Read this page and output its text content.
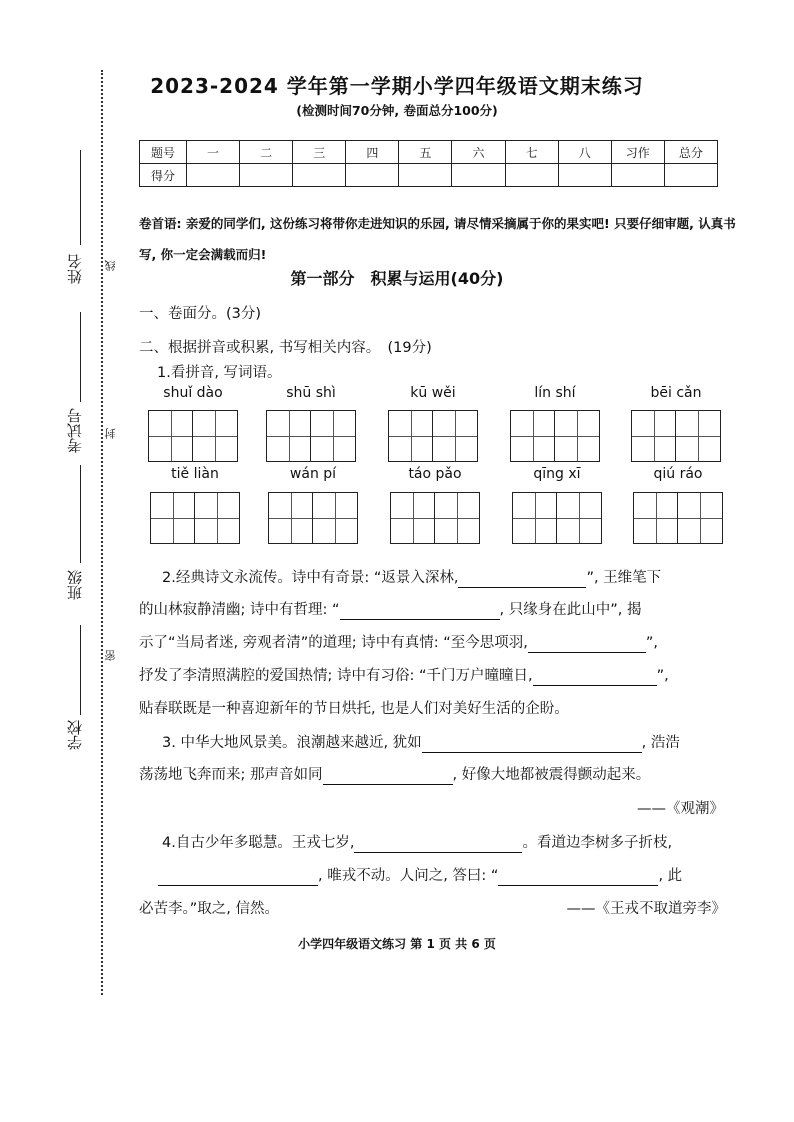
姓名
考试号
班级
学校
线
封
密
2023-2024 学年第一学期小学四年级语文期末练习
(检测时间70分钟, 卷面总分100分)
题号	一	二	三	四	五	六	七	八	习作	总分
得分										
卷首语: 亲爱的同学们, 这份练习将带你走进知识的乐园, 请尽情采摘属于你的果实吧! 只要仔细审题, 认真书写, 你一定会满载而归!
第一部分　积累与运用(40分)
一、卷面分。(3分)
二、根据拼音或积累, 书写相关内容。　(19分)
1.看拼音, 写词语。
shuǐ dào	shū shì	kū wěi	lín shí	bēi cǎn
tiě liàn	wán pí	táo pǎo	qīng xī	qiú ráo
2.经典诗文永流传。诗中有奇景: “返景入深林,	”, 王维笔下
的山林寂静清幽; 诗中有哲理: “	, 只缘身在此山中”, 揭
示了“当局者迷, 旁观者清”的道理; 诗中有真情: “至今思项羽,	”,
抒发了李清照满腔的爱国热情; 诗中有习俗: “千门万户曈曈日,	”,
贴春联既是一种喜迎新年的节日烘托, 也是人们对美好生活的企盼。
3. 中华大地风景美。浪潮越来越近, 犹如	, 浩浩
荡荡地飞奔而来; 那声音如同	, 好像大地都被震得颤动起来。
——《观潮》
4.自古少年多聪慧。王戎七岁,	。看道边李树多子折枝,
, 唯戎不动。人问之, 答曰: “	, 此
必苦李。”取之, 信然。	——《王戎不取道旁李》
小学四年级语文练习 第 1 页 共 6 页
